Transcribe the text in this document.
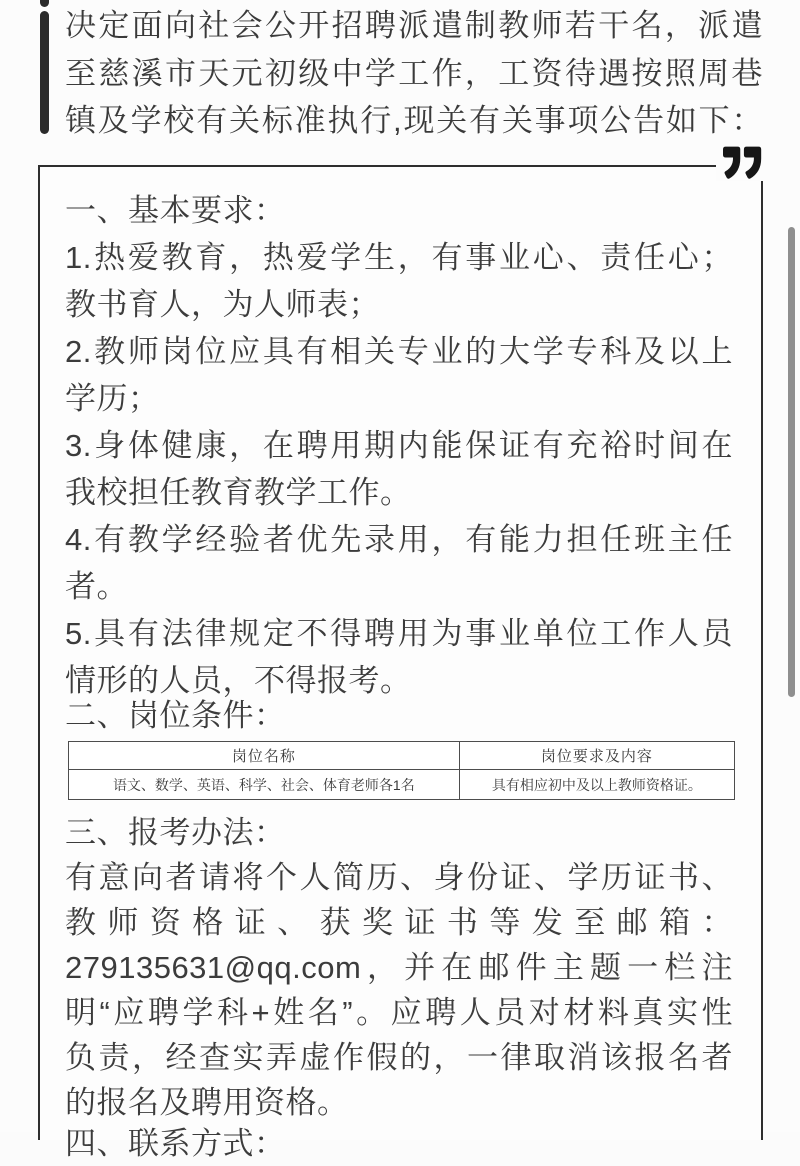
决定面向社会公开招聘派遣制教师若干名，派遣
至慈溪市天元初级中学工作，工资待遇按照周巷
镇及学校有关标准执行,现关有关事项公告如下：
一、基本要求：
1.热爱教育，热爱学生，有事业心、责任心；
教书育人，为人师表；
2.教师岗位应具有相关专业的大学专科及以上
学历；
3.身体健康，在聘用期内能保证有充裕时间在
我校担任教育教学工作。
4.有教学经验者优先录用，有能力担任班主任
者。
5.具有法律规定不得聘用为事业单位工作人员
情形的人员，不得报考。
二、岗位条件：
岗位名称	岗位要求及内容
语文、数学、英语、科学、社会、体育老师各1名	具有相应初中及以上教师资格证。
三、报考办法：
有意向者请将个人简历、身份证、学历证书、
教师资格证、获奖证书等发至邮箱：
279135631@qq.com，并在邮件主题一栏注
明“应聘学科+姓名”。应聘人员对材料真实性
负责，经查实弄虚作假的，一律取消该报名者
的报名及聘用资格。
四、联系方式：
